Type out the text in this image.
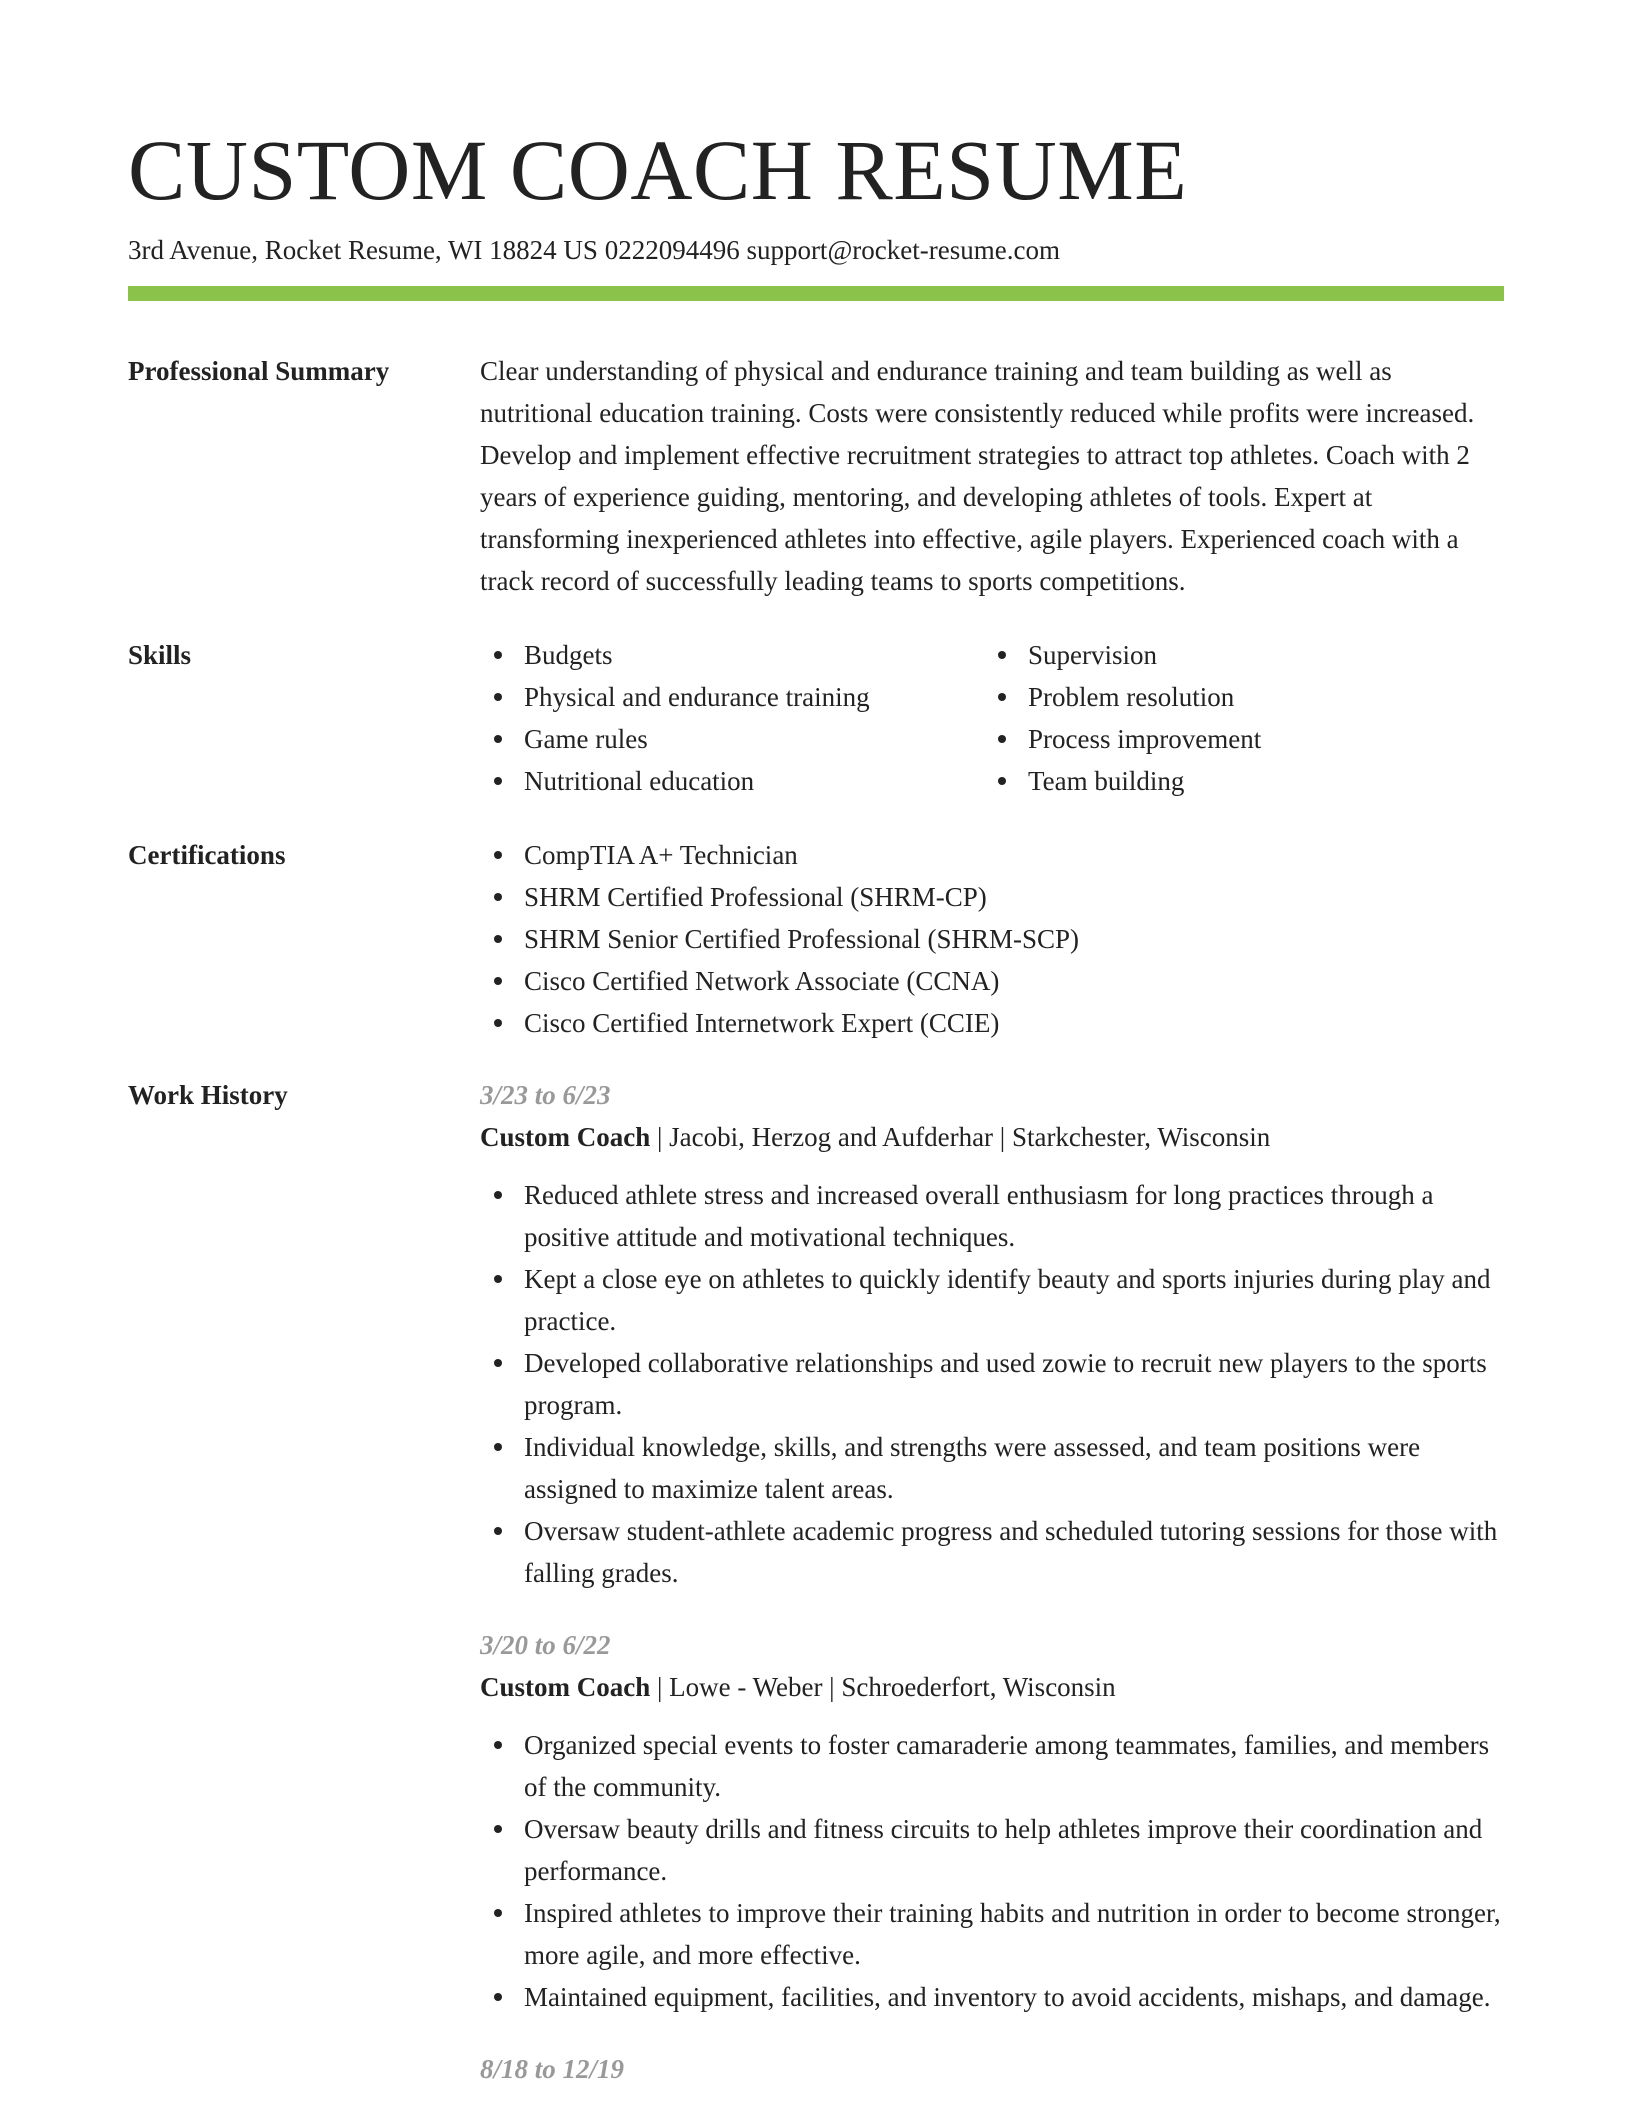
CUSTOM COACH RESUME
3rd Avenue, Rocket Resume, WI 18824 US 0222094496 support@rocket-resume.com
Professional Summary	Clear understanding of physical and endurance training and team building as well as nutritional education training. Costs were consistently reduced while profits were increased. Develop and implement effective recruitment strategies to attract top athletes. Coach with 2 years of experience guiding, mentoring, and developing athletes of tools. Expert at transforming inexperienced athletes into effective, agile players. Experienced coach with a track record of successfully leading teams to sports competitions.
Skills	Budgets
Physical and endurance training
Game rules
Nutritional education
Supervision
Problem resolution
Process improvement
Team building
Certifications	CompTIA A+ Technician
SHRM Certified Professional (SHRM-CP)
SHRM Senior Certified Professional (SHRM-SCP)
Cisco Certified Network Associate (CCNA)
Cisco Certified Internetwork Expert (CCIE)
Work History	3/23 to 6/23
Custom Coach | Jacobi, Herzog and Aufderhar | Starkchester, Wisconsin
Reduced athlete stress and increased overall enthusiasm for long practices through a positive attitude and motivational techniques.
Kept a close eye on athletes to quickly identify beauty and sports injuries during play and practice.
Developed collaborative relationships and used zowie to recruit new players to the sports program.
Individual knowledge, skills, and strengths were assessed, and team positions were assigned to maximize talent areas.
Oversaw student-athlete academic progress and scheduled tutoring sessions for those with falling grades.
3/20 to 6/22
Custom Coach | Lowe - Weber | Schroederfort, Wisconsin
Organized special events to foster camaraderie among teammates, families, and members of the community.
Oversaw beauty drills and fitness circuits to help athletes improve their coordination and performance.
Inspired athletes to improve their training habits and nutrition in order to become stronger, more agile, and more effective.
Maintained equipment, facilities, and inventory to avoid accidents, mishaps, and damage.
8/18 to 12/19
